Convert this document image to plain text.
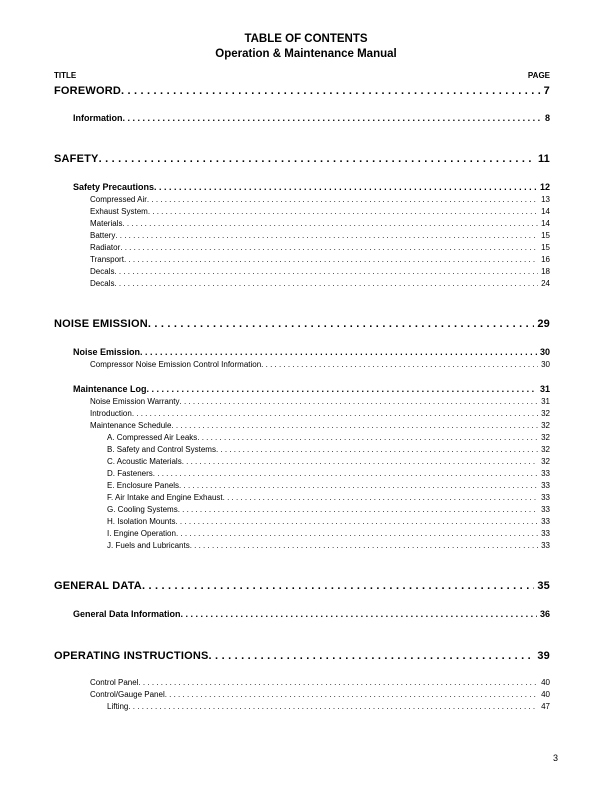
TABLE OF CONTENTS
Operation & Maintenance Manual
TITLE	PAGE
FOREWORD . . .	7
Information . . .	8
SAFETY . . .	11
Safety Precautions . . .	12
Compressed Air . . .	13
Exhaust System . . .	14
Materials . . .	14
Battery . . .	15
Radiator . . .	15
Transport . . .	16
Decals . . .	18
Decals . . .	24
NOISE EMISSION . . .	29
Noise Emission . . .	30
Compressor Noise Emission Control Information . . .	30
Maintenance Log . . .	31
Noise Emission Warranty . . .	31
Introduction . . .	32
Maintenance Schedule . . .	32
A. Compressed Air Leaks . . .	32
B. Safety and Control Systems . . .	32
C. Acoustic Materials . . .	32
D. Fasteners . . .	33
E. Enclosure Panels . . .	33
F. Air Intake and Engine Exhaust . . .	33
G. Cooling Systems . . .	33
H. Isolation Mounts . . .	33
I. Engine Operation . . .	33
J. Fuels and Lubricants . . .	33
GENERAL DATA . . .	35
General Data Information . . .	36
OPERATING INSTRUCTIONS . . .	39
Control Panel . . .	40
Control/Gauge Panel . . .	40
Lifting . . .	47
3
